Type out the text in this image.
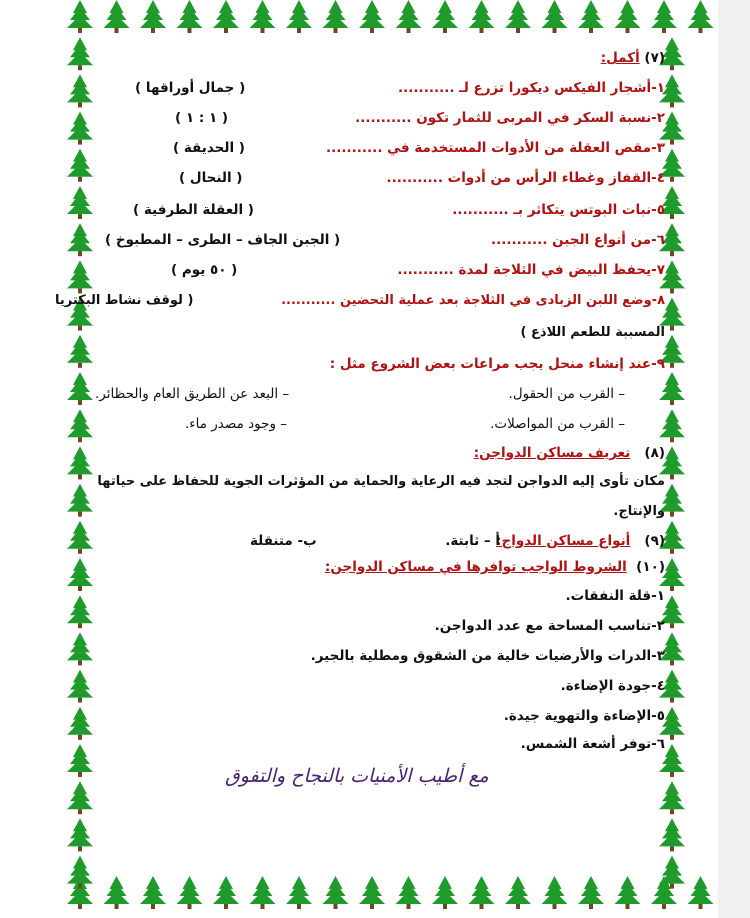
(٧) أكمل:
١-أشجار الفيكس ديكورا تزرع لـ ...........
( جمال أوراقها )
٢-نسبة السكر في المربى للثمار تكون ...........
( ١ : ١ )
٣-مقص العقلة من الأدوات المستخدمة في ...........
( الحديقة )
٤-القفاز وغطاء الرأس من أدوات ...........
( النحال )
٥-نبات البوتس يتكاثر بـ ...........
( العقلة الطرفية )
٦-من أنواع الجبن ...........
( الجبن الجاف – الطرى – المطبوخ )
٧-يحفظ البيض في الثلاجة لمدة ...........
( ٥٠ يوم )
٨-وضع اللبن الزبادى في الثلاجة بعد عملية التحضين ...........
( لوقف نشاط البكتريا
المسببة للطعم اللاذع )
٩-عند إنشاء منحل يجب مراعات بعض الشروع مثل :
– القرب من الحقول.
– البعد عن الطريق العام والحظائر.
– القرب من المواصلات.
– وجود مصدر ماء.
(٨)   تعريف مساكن الدواجن:
مكان تأوى إليه الدواجن لتجد فيه الرعاية والحماية من المؤثرات الجوية للحفاظ على حياتها
والإنتاج.
(٩)   أنواع مساكن الدواج:
أ – ثابتة.
ب- متنقلة
(١٠)  الشروط الواجب توافرها في مساكن الدواجن:
١-قلة النفقات.
٢-تناسب المساحة مع عدد الدواجن.
٣-الدرات والأرضيات خالية من الشقوق ومطلية بالجير.
٤-جودة الإضاءة.
٥-الإضاءة والتهوية جيدة.
٦-توفر أشعة الشمس.
مع أطيب الأمنيات بالنجاح والتفوق
